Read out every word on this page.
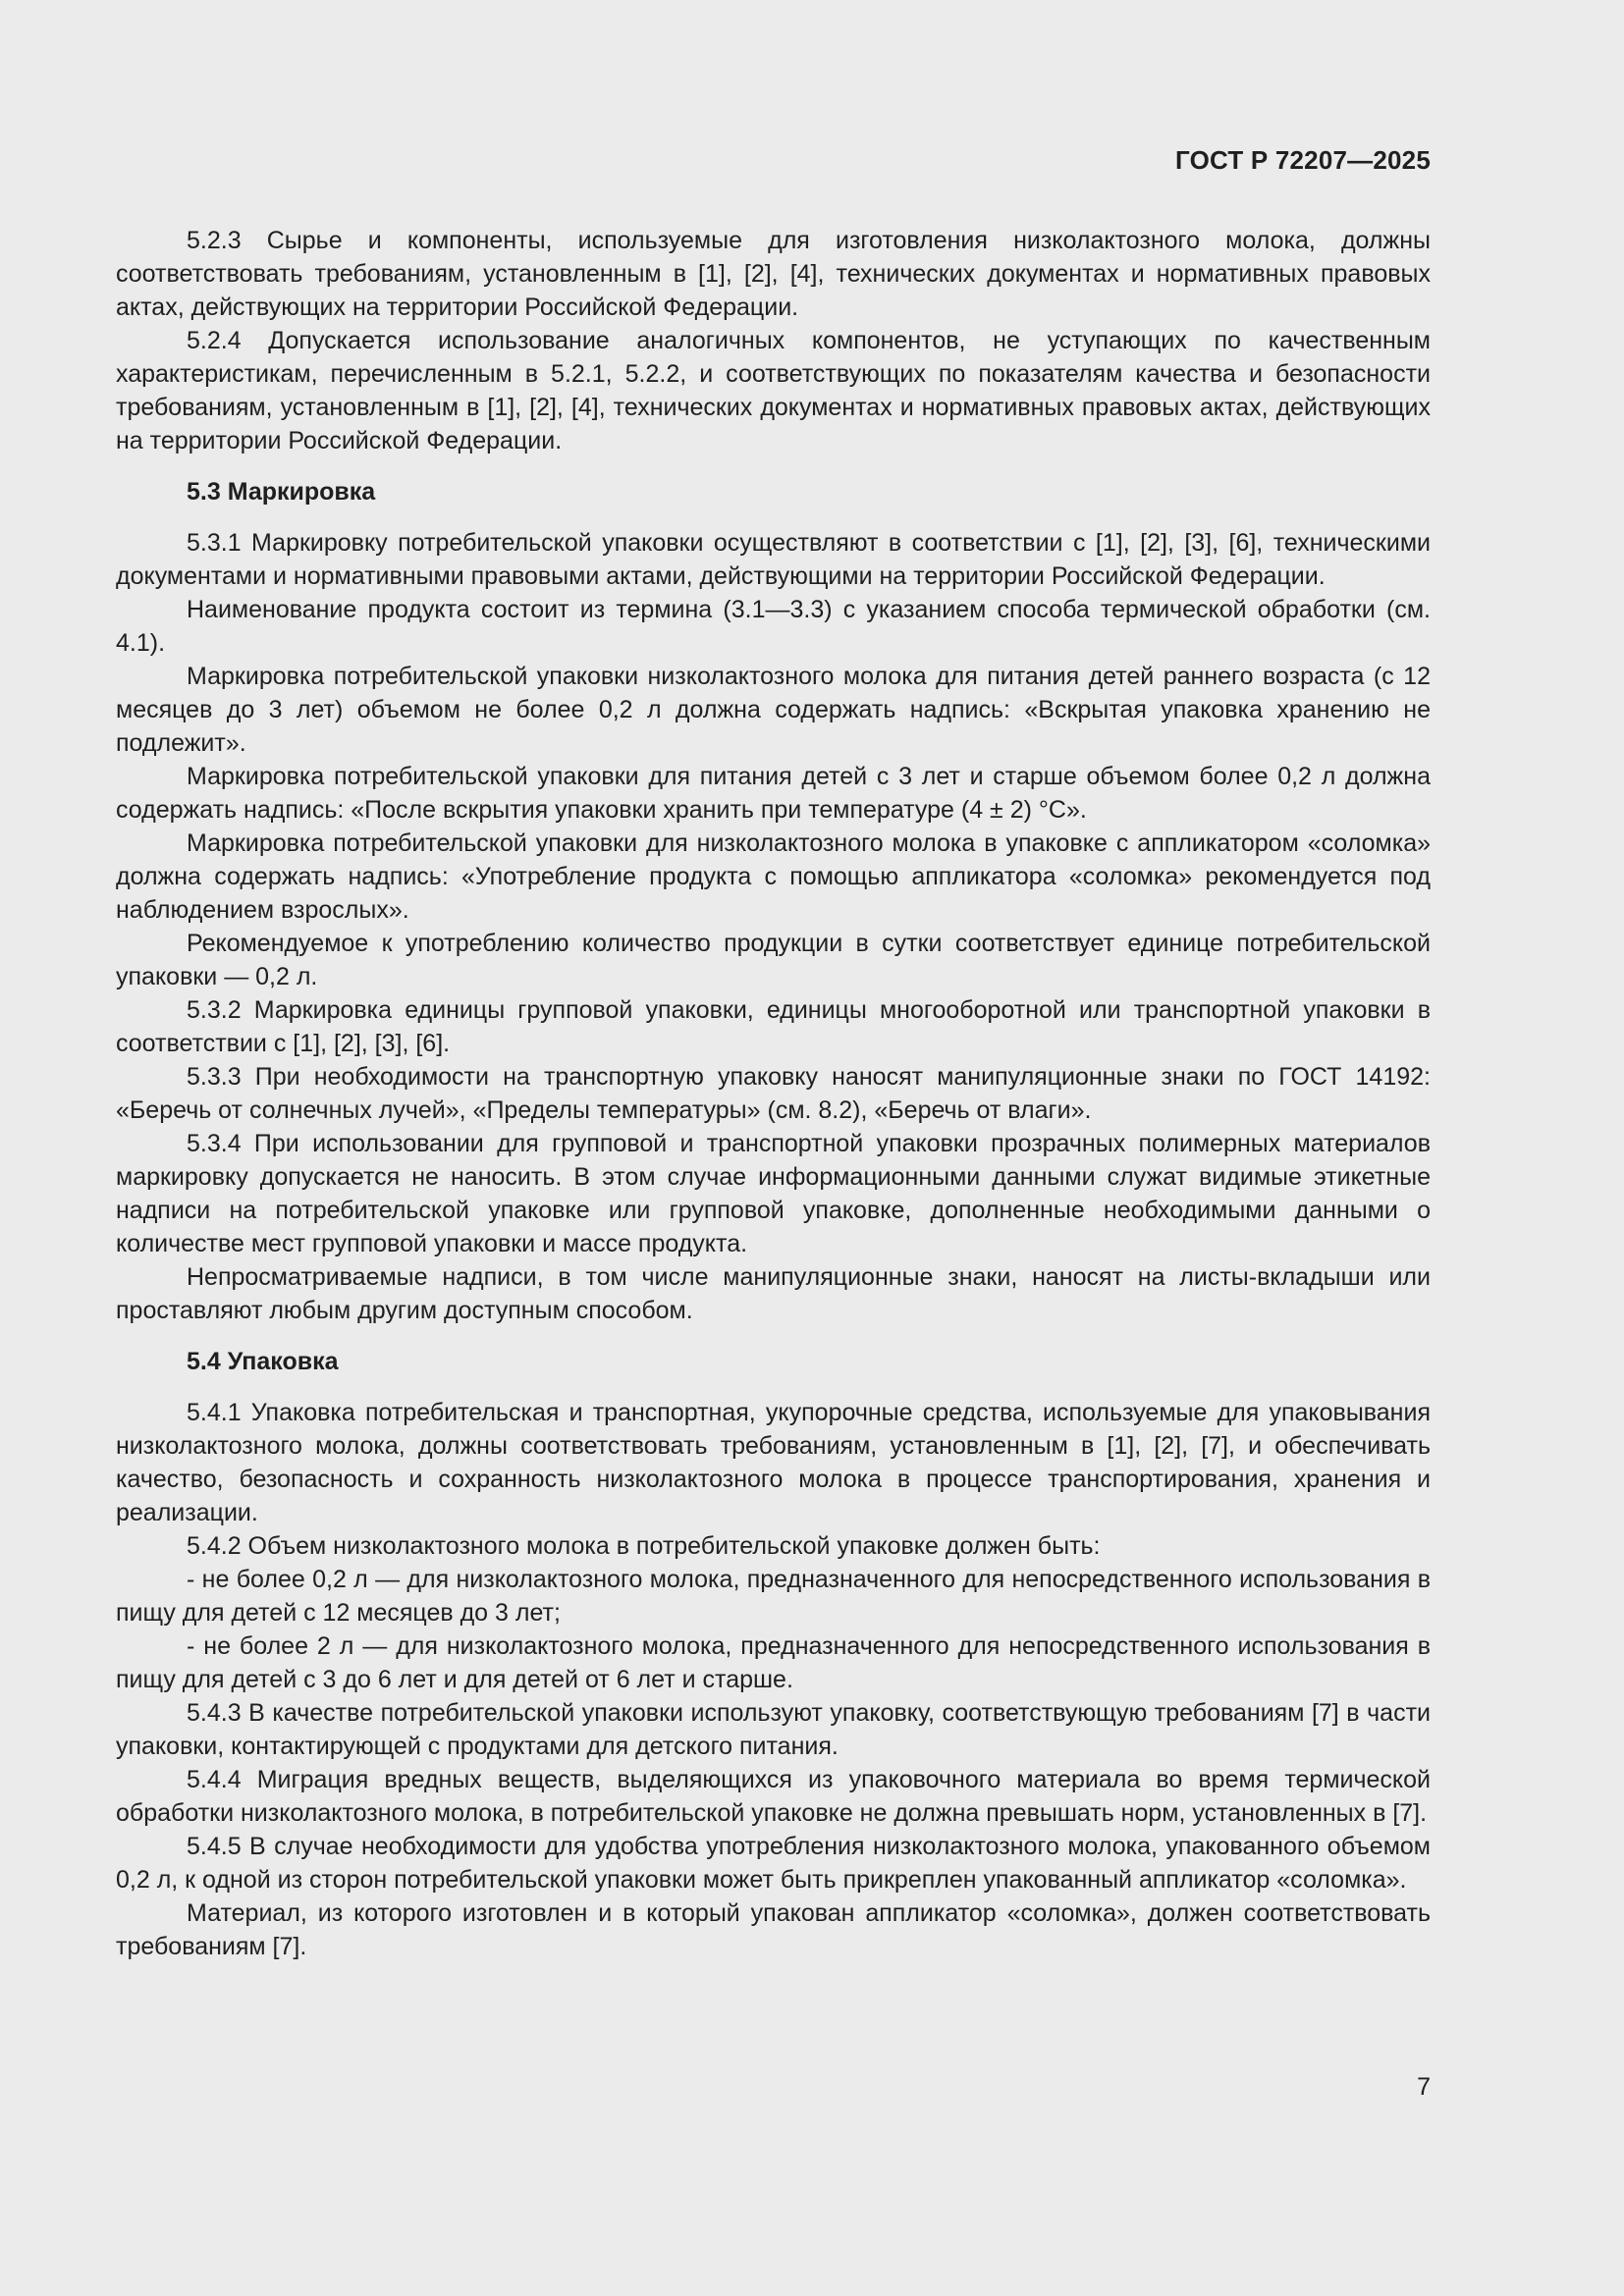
ГОСТ Р 72207—2025

5.2.3 Сырье и компоненты, используемые для изготовления низколактозного молока, должны соответствовать требованиям, установленным в [1], [2], [4], технических документах и нормативных правовых актах, действующих на территории Российской Федерации.

5.2.4 Допускается использование аналогичных компонентов, не уступающих по качественным характеристикам, перечисленным в 5.2.1, 5.2.2, и соответствующих по показателям качества и безопасности требованиям, установленным в [1], [2], [4], технических документах и нормативных правовых актах, действующих на территории Российской Федерации.

5.3 Маркировка

5.3.1 Маркировку потребительской упаковки осуществляют в соответствии с [1], [2], [3], [6], техническими документами и нормативными правовыми актами, действующими на территории Российской Федерации.

Наименование продукта состоит из термина (3.1—3.3) с указанием способа термической обработки (см. 4.1).

Маркировка потребительской упаковки низколактозного молока для питания детей раннего возраста (с 12 месяцев до 3 лет) объемом не более 0,2 л должна содержать надпись: «Вскрытая упаковка хранению не подлежит».

Маркировка потребительской упаковки для питания детей с 3 лет и старше объемом более 0,2 л должна содержать надпись: «После вскрытия упаковки хранить при температуре (4 ± 2) °С».

Маркировка потребительской упаковки для низколактозного молока в упаковке с аппликатором «соломка» должна содержать надпись: «Употребление продукта с помощью аппликатора «соломка» рекомендуется под наблюдением взрослых».

Рекомендуемое к употреблению количество продукции в сутки соответствует единице потребительской упаковки — 0,2 л.

5.3.2 Маркировка единицы групповой упаковки, единицы многооборотной или транспортной упаковки в соответствии с [1], [2], [3], [6].

5.3.3 При необходимости на транспортную упаковку наносят манипуляционные знаки по ГОСТ 14192: «Беречь от солнечных лучей», «Пределы температуры» (см. 8.2), «Беречь от влаги».

5.3.4 При использовании для групповой и транспортной упаковки прозрачных полимерных материалов маркировку допускается не наносить. В этом случае информационными данными служат видимые этикетные надписи на потребительской упаковке или групповой упаковке, дополненные необходимыми данными о количестве мест групповой упаковки и массе продукта.

Непросматриваемые надписи, в том числе манипуляционные знаки, наносят на листы-вкладыши или проставляют любым другим доступным способом.

5.4 Упаковка

5.4.1 Упаковка потребительская и транспортная, укупорочные средства, используемые для упаковывания низколактозного молока, должны соответствовать требованиям, установленным в [1], [2], [7], и обеспечивать качество, безопасность и сохранность низколактозного молока в процессе транспортирования, хранения и реализации.

5.4.2 Объем низколактозного молока в потребительской упаковке должен быть:

- не более 0,2 л — для низколактозного молока, предназначенного для непосредственного использования в пищу для детей с 12 месяцев до 3 лет;

- не более 2 л — для низколактозного молока, предназначенного для непосредственного использования в пищу для детей с 3 до 6 лет и для детей от 6 лет и старше.

5.4.3 В качестве потребительской упаковки используют упаковку, соответствующую требованиям [7] в части упаковки, контактирующей с продуктами для детского питания.

5.4.4 Миграция вредных веществ, выделяющихся из упаковочного материала во время термической обработки низколактозного молока, в потребительской упаковке не должна превышать норм, установленных в [7].

5.4.5 В случае необходимости для удобства употребления низколактозного молока, упакованного объемом 0,2 л, к одной из сторон потребительской упаковки может быть прикреплен упакованный аппликатор «соломка».

Материал, из которого изготовлен и в который упакован аппликатор «соломка», должен соответствовать требованиям [7].

7
